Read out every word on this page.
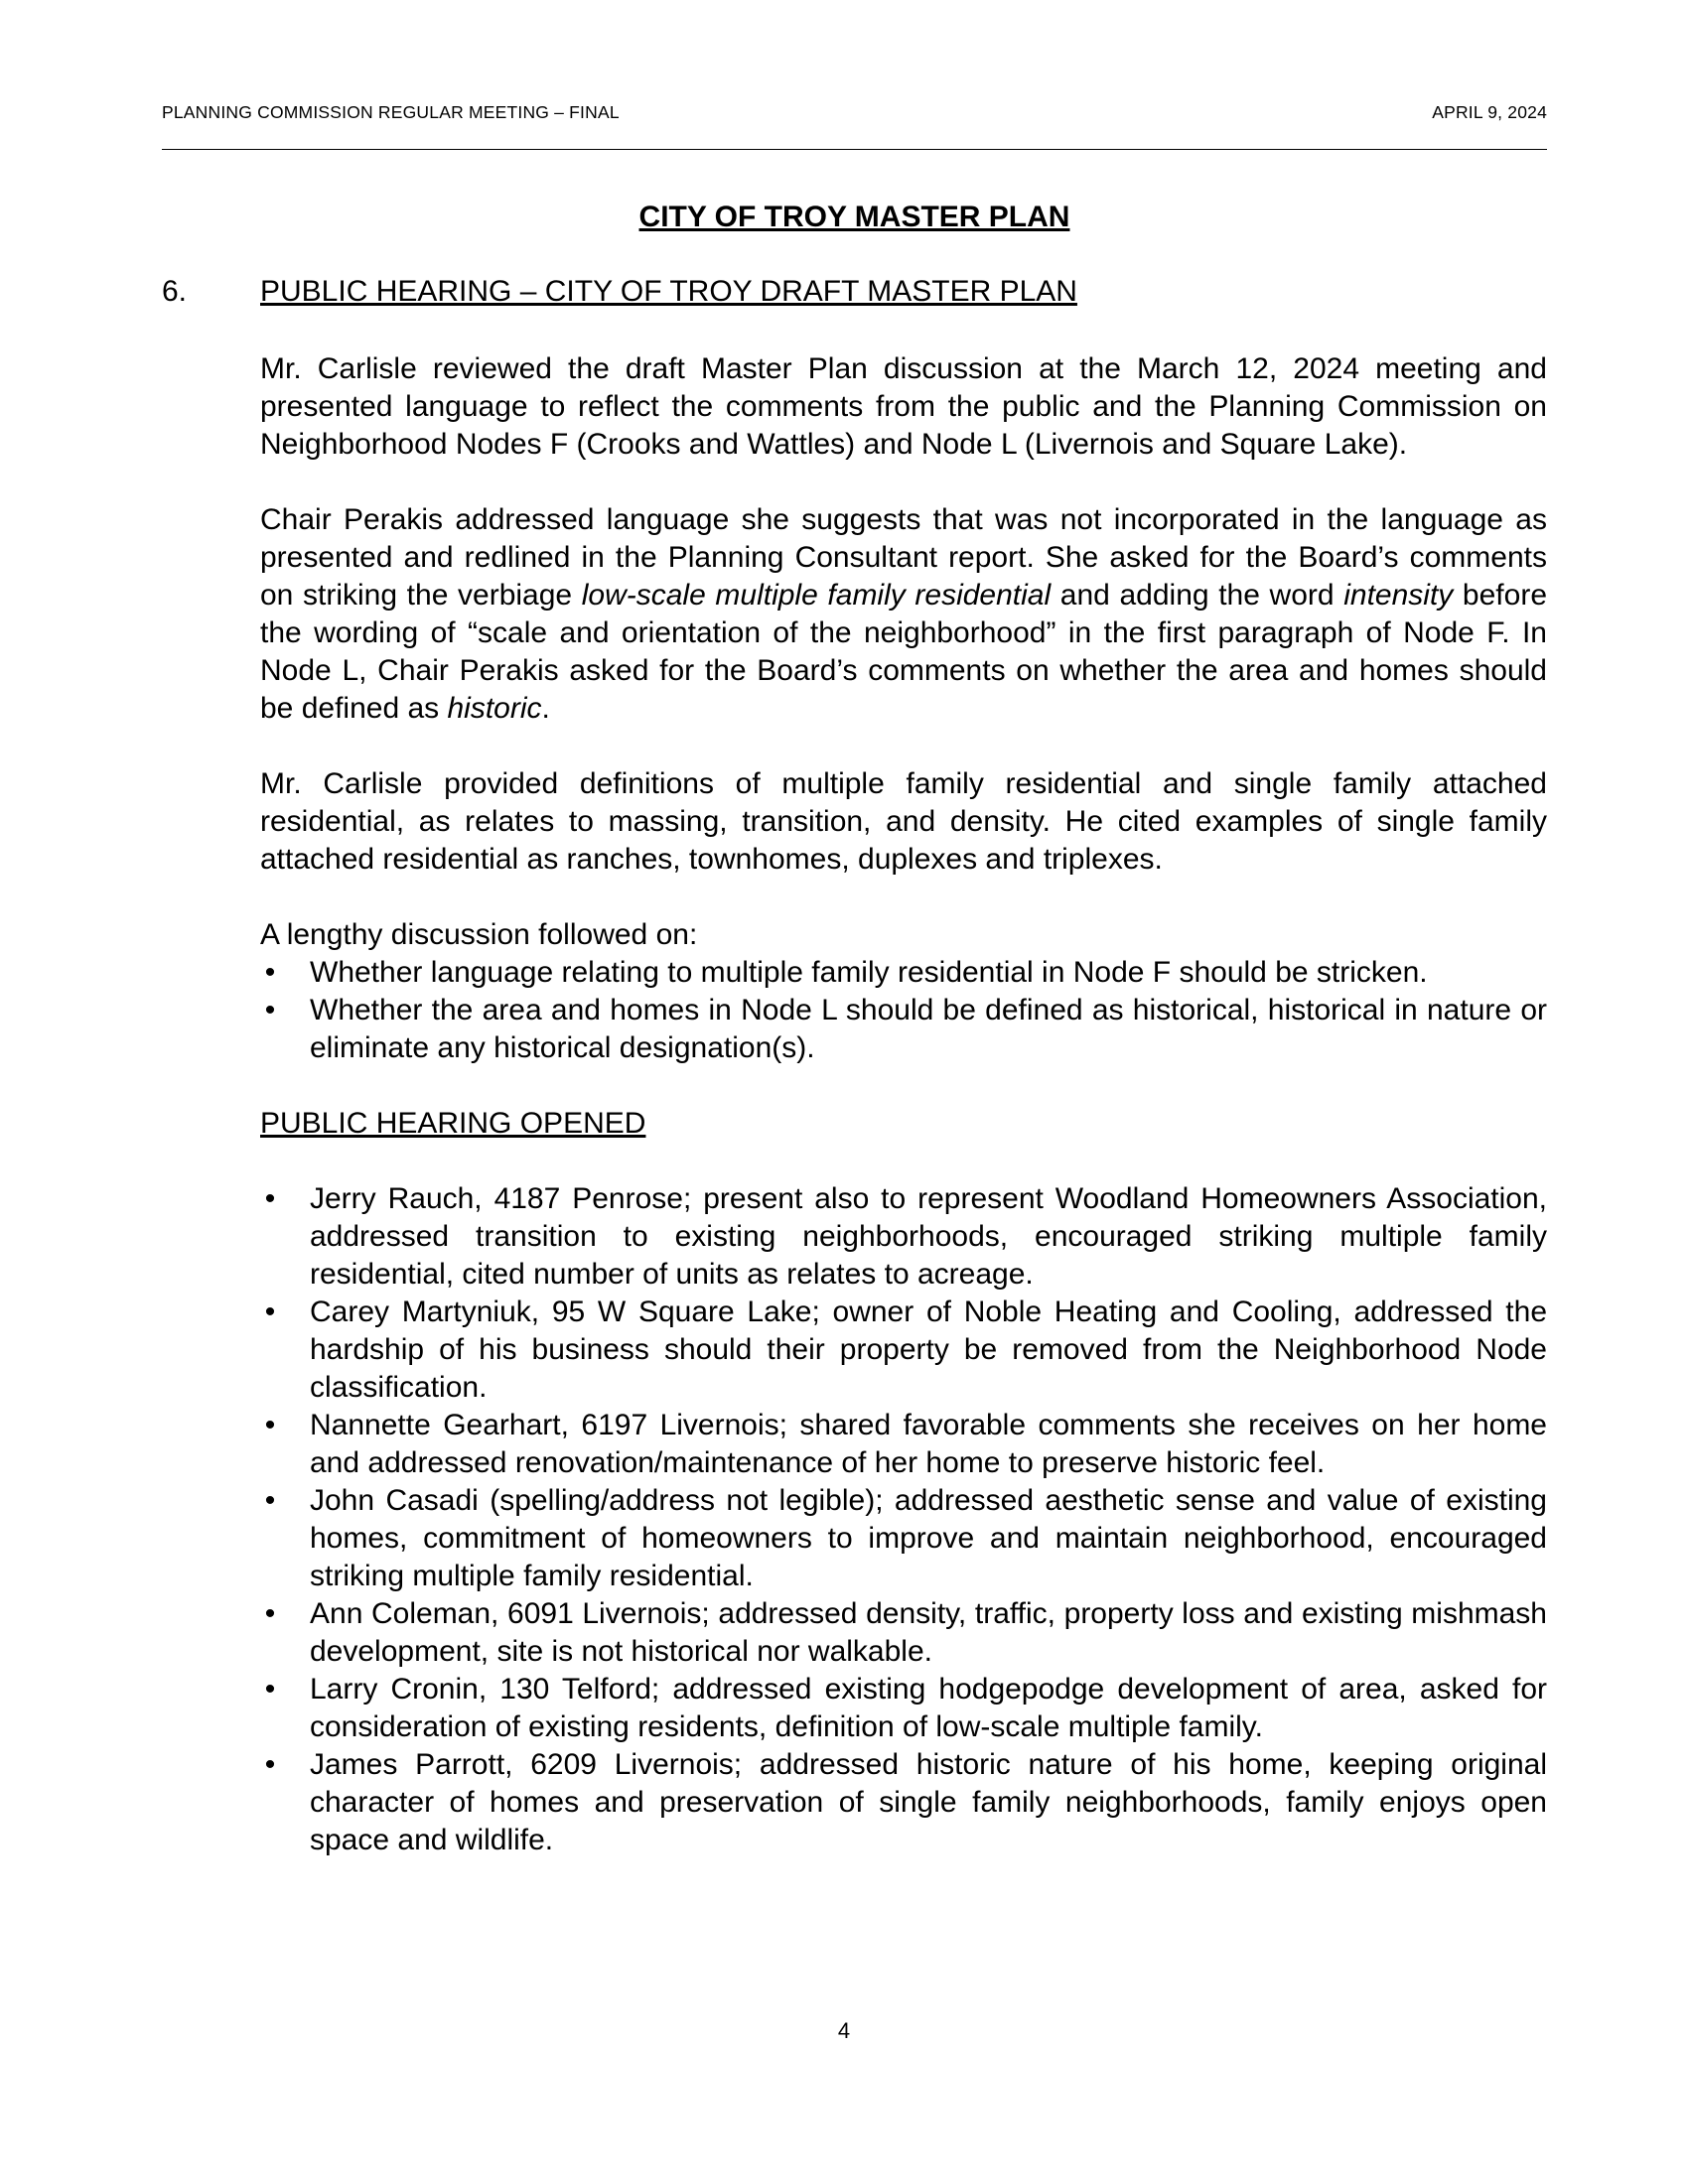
PLANNING COMMISSION REGULAR MEETING – FINAL	APRIL 9, 2024
CITY OF TROY MASTER PLAN
6. PUBLIC HEARING – CITY OF TROY DRAFT MASTER PLAN

Mr. Carlisle reviewed the draft Master Plan discussion at the March 12, 2024 meeting and presented language to reflect the comments from the public and the Planning Commission on Neighborhood Nodes F (Crooks and Wattles) and Node L (Livernois and Square Lake).

Chair Perakis addressed language she suggests that was not incorporated in the language as presented and redlined in the Planning Consultant report. She asked for the Board’s comments on striking the verbiage low-scale multiple family residential and adding the word intensity before the wording of “scale and orientation of the neighborhood” in the first paragraph of Node F. In Node L, Chair Perakis asked for the Board’s comments on whether the area and homes should be defined as historic.

Mr. Carlisle provided definitions of multiple family residential and single family attached residential, as relates to massing, transition, and density. He cited examples of single family attached residential as ranches, townhomes, duplexes and triplexes.

A lengthy discussion followed on:

• Whether language relating to multiple family residential in Node F should be stricken.
• Whether the area and homes in Node L should be defined as historical, historical in nature or eliminate any historical designation(s).
PUBLIC HEARING OPENED
• Jerry Rauch, 4187 Penrose; present also to represent Woodland Homeowners Association, addressed transition to existing neighborhoods, encouraged striking multiple family residential, cited number of units as relates to acreage.
• Carey Martyniuk, 95 W Square Lake; owner of Noble Heating and Cooling, addressed the hardship of his business should their property be removed from the Neighborhood Node classification.
• Nannette Gearhart, 6197 Livernois; shared favorable comments she receives on her home and addressed renovation/maintenance of her home to preserve historic feel.
• John Casadi (spelling/address not legible); addressed aesthetic sense and value of existing homes, commitment of homeowners to improve and maintain neighborhood, encouraged striking multiple family residential.
• Ann Coleman, 6091 Livernois; addressed density, traffic, property loss and existing mishmash development, site is not historical nor walkable.
• Larry Cronin, 130 Telford; addressed existing hodgepodge development of area, asked for consideration of existing residents, definition of low-scale multiple family.
• James Parrott, 6209 Livernois; addressed historic nature of his home, keeping original character of homes and preservation of single family neighborhoods, family enjoys open space and wildlife.
4
